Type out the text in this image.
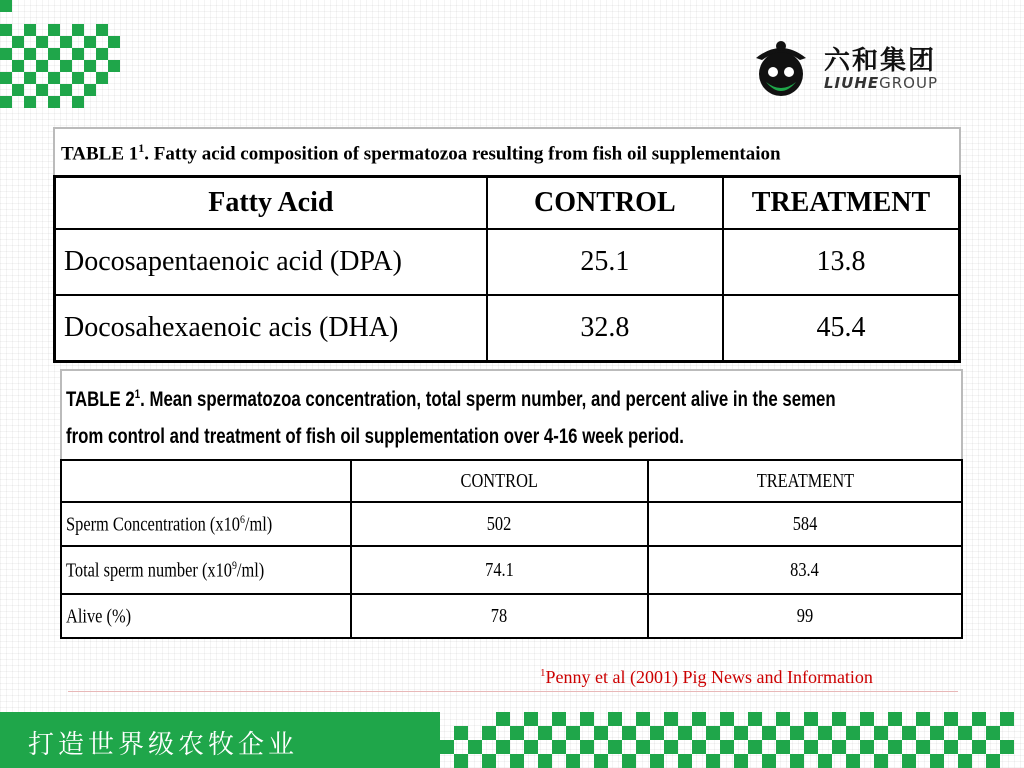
六和集团
LIUHEGROUP
TABLE $1^1$. Fatty acid composition of spermatozoa resulting from fish oil supplementaion
Fatty Acid	CONTROL	TREATMENT
Docosapentaenoic acid (DPA)	25.1	13.8
Docosahexaenoic acis (DHA)	32.8	45.4
TABLE $2^1$. Mean spermatozoa concentration, total sperm number, and percent alive in the semen
from control and treatment of fish oil supplementation over 4-16 week period.
	CONTROL	TREATMENT
Sperm Concentration $(x10^6/ml)$	502	584
Total sperm number $(x10^9/ml)$	74.1	83.4
Alive (%)	78	99
$^1$Penny et al (2001) Pig News and Information
打造世界级农牧企业
